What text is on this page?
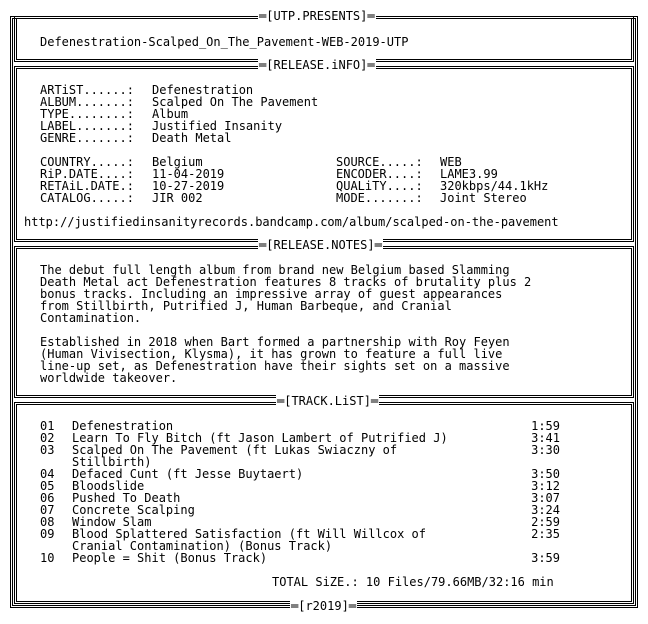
═[ UTP.PRESENTS ]═
═[ RELEASE.iNFO ]═
═[ RELEASE.NOTES ]═
═[ TRACK.LiST ]═
═[ r2019 ]═
Defenestration-Scalped_On_The_Pavement-WEB-2019-UTP
ARTiST......:	Defenestration
ALBUM.......:	Scalped On The Pavement
TYPE........:	Album
LABEL.......:	Justified Insanity
GENRE.......:	Death Metal
COUNTRY.....:	Belgium
RiP.DATE....:	11-04-2019
RETAiL.DATE.:	10-27-2019
CATALOG.....:	JIR 002
SOURCE.....:	WEB
ENCODER....:	LAME3.99
QUALiTY....:	320kbps/44.1kHz
MODE.......:	Joint Stereo
http://justifiedinsanityrecords.bandcamp.com/album/scalped-on-the-pavement
The debut full length album from brand new Belgium based Slamming
Death Metal act Defenestration features 8 tracks of brutality plus 2
bonus tracks. Including an impressive array of guest appearances
from Stillbirth, Putrified J, Human Barbeque, and Cranial
Contamination.
Established in 2018 when Bart formed a partnership with Roy Feyen
(Human Vivisection, Klysma), it has grown to feature a full live
line-up set, as Defenestration have their sights set on a massive
worldwide takeover.
01	Defenestration	1:59
02	Learn To Fly Bitch (ft Jason Lambert of Putrified J)	3:41
03	Scalped On The Pavement (ft Lukas Swiaczny of	3:30
Stillbirth)
04	Defaced Cunt (ft Jesse Buytaert)	3:50
05	Bloodslide	3:12
06	Pushed To Death	3:07
07	Concrete Scalping	3:24
08	Window Slam	2:59
09	Blood Splattered Satisfaction (ft Will Willcox of	2:35
Cranial Contamination) (Bonus Track)
10	People = Shit (Bonus Track)	3:59
TOTAL SiZE.: 10 Files/79.66MB/32:16 min
